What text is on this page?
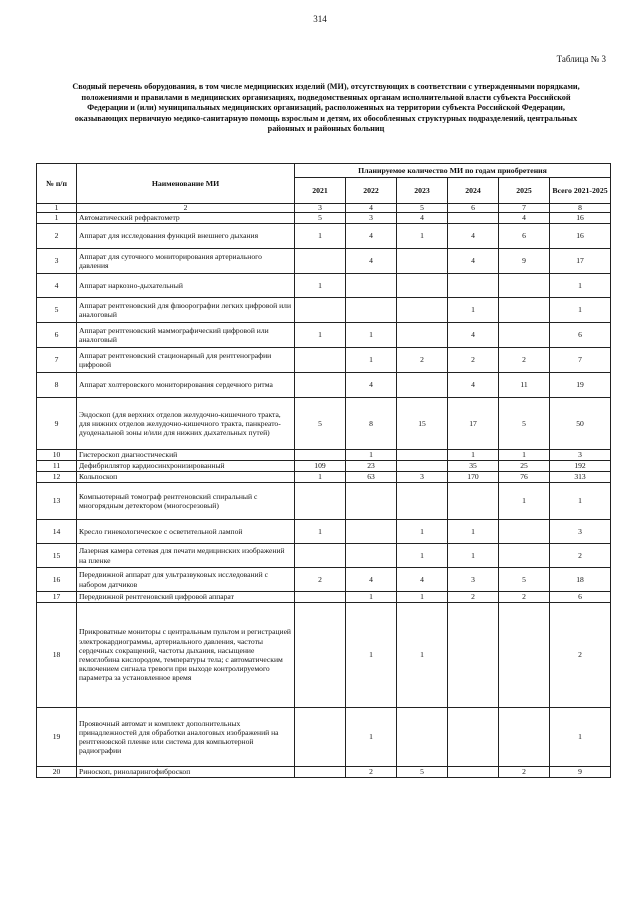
314
Таблица № 3
Сводный перечень оборудования, в том числе медицинских изделий (МИ), отсутствующих в соответствии с утвержденными порядками, положениями и правилами в медицинских организациях, подведомственных органам исполнительной власти субъекта Российской Федерации и (или) муниципальных медицинских организаций, расположенных на территории субъекта Российской Федерации, оказывающих первичную медико-санитарную помощь взрослым и детям, их обособленных структурных подразделений, центральных районных и районных больниц
№ п/п	Наименование МИ	Планируемое количество МИ по годам приобретения					
		2021	2022	2023	2024	2025	Всего 2021-2025
1	2	3	4	5	6	7	8
1	Автоматический рефрактометр	5	3	4		4	16
2	Аппарат для исследования функций внешнего дыхания	1	4	1	4	6	16
3	Аппарат для суточного мониторирования артериального давления		4		4	9	17
4	Аппарат наркозно-дыхательный	1					1
5	Аппарат рентгеновский для флюорографии легких цифровой или аналоговый				1		1
6	Аппарат рентгеновский маммографический цифровой или аналоговый	1	1		4		6
7	Аппарат рентгеновский стационарный для рентгенографии цифровой		1	2	2	2	7
8	Аппарат холтеровского мониторирования сердечного ритма		4		4	11	19
9	Эндоскоп (для верхних отделов желудочно-кишечного тракта, для нижних отделов желудочно-кишечного тракта, панкреато-дуоденальной зоны и/или для нижних дыхательных путей)	5	8	15	17	5	50
10	Гистероскоп диагностический		1		1	1	3
11	Дефибриллятор кардиосинхронизированный	109	23		35	25	192
12	Кольпоскоп	1	63	3	170	76	313
13	Компьютерный томограф рентгеновский спиральный с многорядным детектором (многосрезовый)					1	1
14	Кресло гинекологическое с осветительной лампой	1		1	1		3
15	Лазерная камера сетевая для печати медицинских изображений на пленке			1	1		2
16	Передвижной аппарат для ультразвуковых исследований с набором датчиков	2	4	4	3	5	18
17	Передвижной рентгеновский цифровой аппарат		1	1	2	2	6
18	Прикроватные мониторы с центральным пультом и регистрацией электрокардиограммы, артериального давления, частоты сердечных сокращений, частоты дыхания, насыщение гемоглобина кислородом, температуры тела; с автоматическим включением сигнала тревоги при выходе контролируемого параметра за установленное время		1	1			2
19	Проявочный автомат и комплект дополнительных принадлежностей для обработки аналоговых изображений на рентгеновской пленке или система для компьютерной радиографии		1				1
20	Риноскоп, риноларингофиброскоп		2	5		2	9
